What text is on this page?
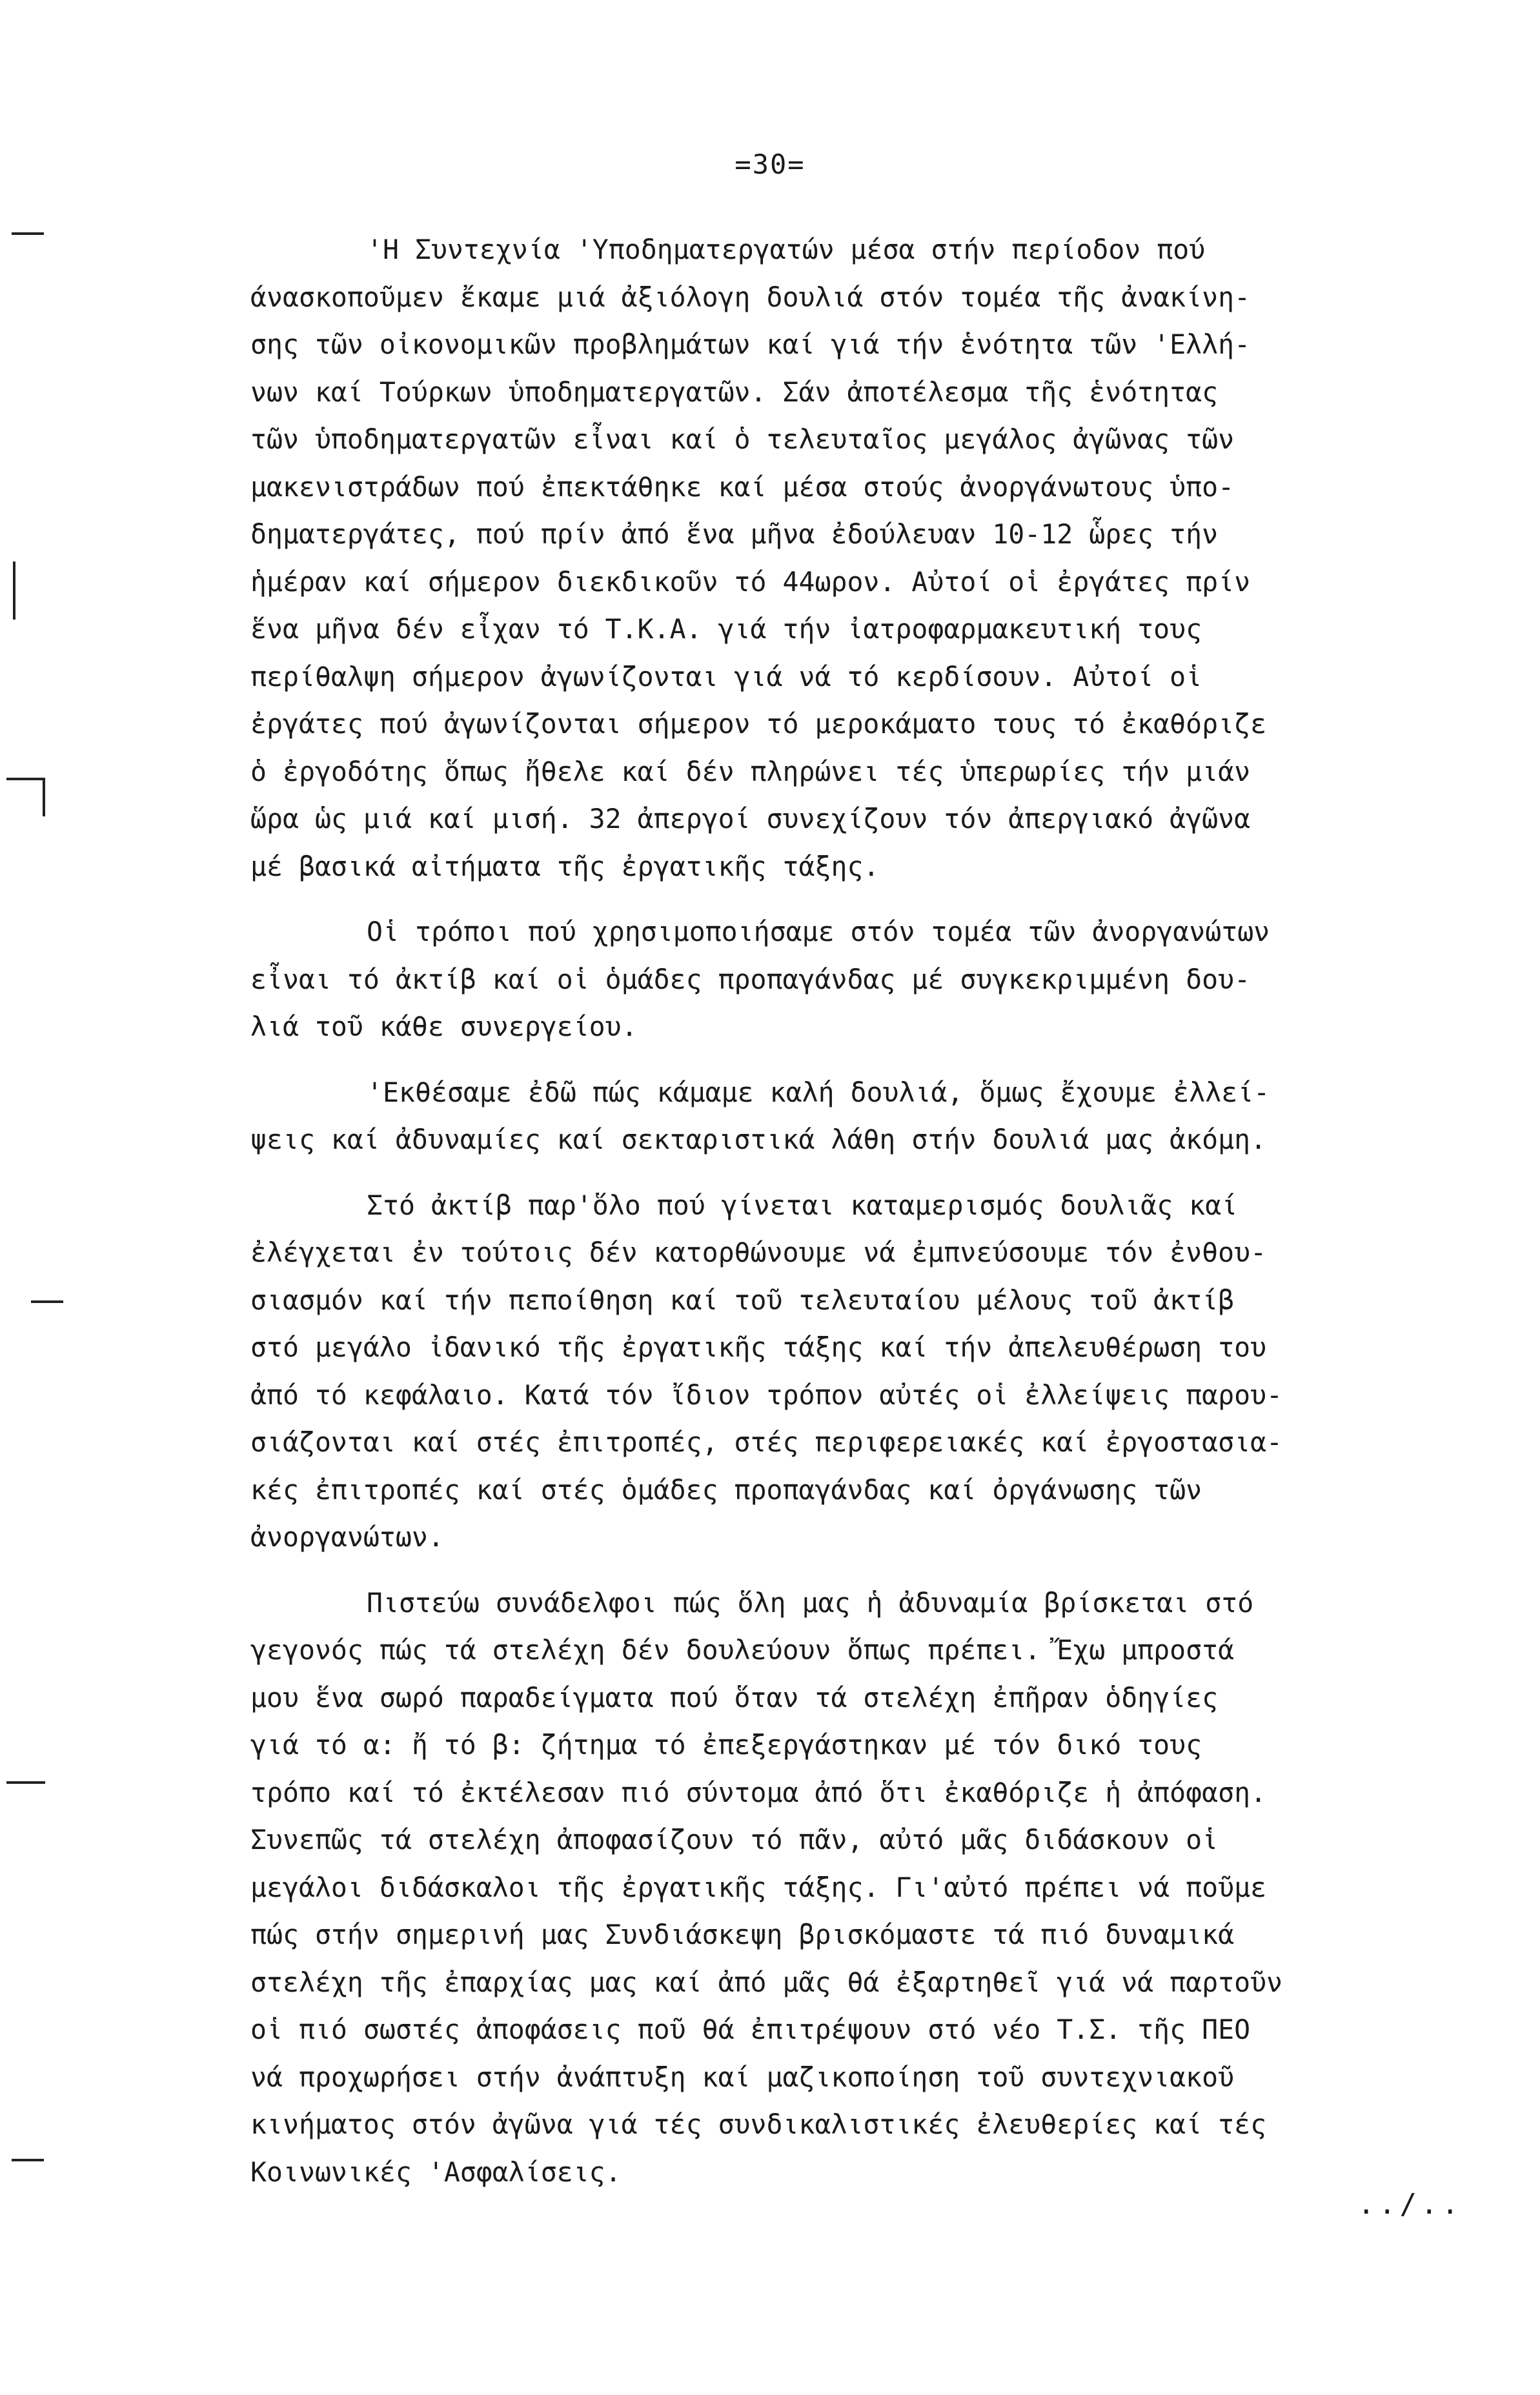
=30=
'Η Συντεχνία 'Υποδηματεργατών μέσα στήν περίοδον πού
άνασκοποῦμεν ἔκαμε μιά ἀξιόλογη δουλιά στόν τομέα τῆς ἀνακίνη-
σης τῶν οἰκονομικῶν προβλημάτων καί γιά τήν ἑνότητα τῶν 'Ελλή-
νων καί Τούρκων ὑποδηματεργατῶν. Σάν ἀποτέλεσμα τῆς ἑνότητας
τῶν ὑποδηματεργατῶν εἶναι καί ὁ τελευταῖος μεγάλος ἀγῶνας τῶν
μακενιστράδων πού ἐπεκτάθηκε καί μέσα στούς ἀνοργάνωτους ὑπο-
δηματεργάτες, πού πρίν ἀπό ἕνα μῆνα ἐδούλευαν 10-12 ὧρες τήν
ἡμέραν καί σήμερον διεκδικοῦν τό 44ωρον. Αὐτοί οἱ ἐργάτες πρίν
ἕνα μῆνα δέν εἶχαν τό Τ.Κ.Α. γιά τήν ἰατροφαρμακευτική τους
περίθαλψη σήμερον ἀγωνίζονται γιά νά τό κερδίσουν. Αὐτοί οἱ
ἐργάτες πού ἀγωνίζονται σήμερον τό μεροκάματο τους τό ἐκαθόριζε
ὁ ἐργοδότης ὅπως ἤθελε καί δέν πληρώνει τές ὑπερωρίες τήν μιάν
ὥρα ὡς μιά καί μισή. 32 ἀπεργοί συνεχίζουν τόν ἀπεργιακό ἀγῶνα
μέ βασικά αἰτήματα τῆς ἐργατικῆς τάξης.
Οἱ τρόποι πού χρησιμοποιήσαμε στόν τομέα τῶν ἀνοργανώτων
εἶναι τό ἀκτίβ καί οἱ ὁμάδες προπαγάνδας μέ συγκεκριμμένη δου-
λιά τοῦ κάθε συνεργείου.
'Εκθέσαμε ἐδῶ πώς κάμαμε καλή δουλιά, ὅμως ἔχουμε ἐλλεί-
ψεις καί ἀδυναμίες καί σεκταριστικά λάθη στήν δουλιά μας ἀκόμη.
Στό ἀκτίβ παρ'ὅλο πού γίνεται καταμερισμός δουλιᾶς καί
ἐλέγχεται ἐν τούτοις δέν κατορθώνουμε νά ἐμπνεύσουμε τόν ἐνθου-
σιασμόν καί τήν πεποίθηση καί τοῦ τελευταίου μέλους τοῦ ἀκτίβ
στό μεγάλο ἰδανικό τῆς ἐργατικῆς τάξης καί τήν ἀπελευθέρωση του
ἀπό τό κεφάλαιο. Κατά τόν ἴδιον τρόπον αὐτές οἱ ἐλλείψεις παρου-
σιάζονται καί στές ἐπιτροπές, στές περιφερειακές καί ἐργοστασια-
κές ἐπιτροπές καί στές ὁμάδες προπαγάνδας καί ὀργάνωσης τῶν
ἀνοργανώτων.
Πιστεύω συνάδελφοι πώς ὅλη μας ἡ ἀδυναμία βρίσκεται στό
γεγονός πώς τά στελέχη δέν δουλεύουν ὅπως πρέπει. Ἔχω μπροστά
μου ἕνα σωρό παραδείγματα πού ὅταν τά στελέχη ἐπῆραν ὁδηγίες
γιά τό α: ἤ τό β: ζήτημα τό ἐπεξεργάστηκαν μέ τόν δικό τους
τρόπο καί τό ἐκτέλεσαν πιό σύντομα ἀπό ὅτι ἐκαθόριζε ἡ ἀπόφαση.
Συνεπῶς τά στελέχη ἀποφασίζουν τό πᾶν, αὐτό μᾶς διδάσκουν οἱ
μεγάλοι διδάσκαλοι τῆς ἐργατικῆς τάξης. Γι'αὐτό πρέπει νά ποῦμε
πώς στήν σημερινή μας Συνδιάσκεψη βρισκόμαστε τά πιό δυναμικά
στελέχη τῆς ἐπαρχίας μας καί ἀπό μᾶς θά ἐξαρτηθεῖ γιά νά παρτοῦν
οἱ πιό σωστές ἀποφάσεις ποῦ θά ἐπιτρέψουν στό νέο Τ.Σ. τῆς ΠΕΟ
νά προχωρήσει στήν ἀνάπτυξη καί μαζικοποίηση τοῦ συντεχνιακοῦ
κινήματος στόν ἀγῶνα γιά τές συνδικαλιστικές ἐλευθερίες καί τές
Κοινωνικές 'Ασφαλίσεις.
../..
